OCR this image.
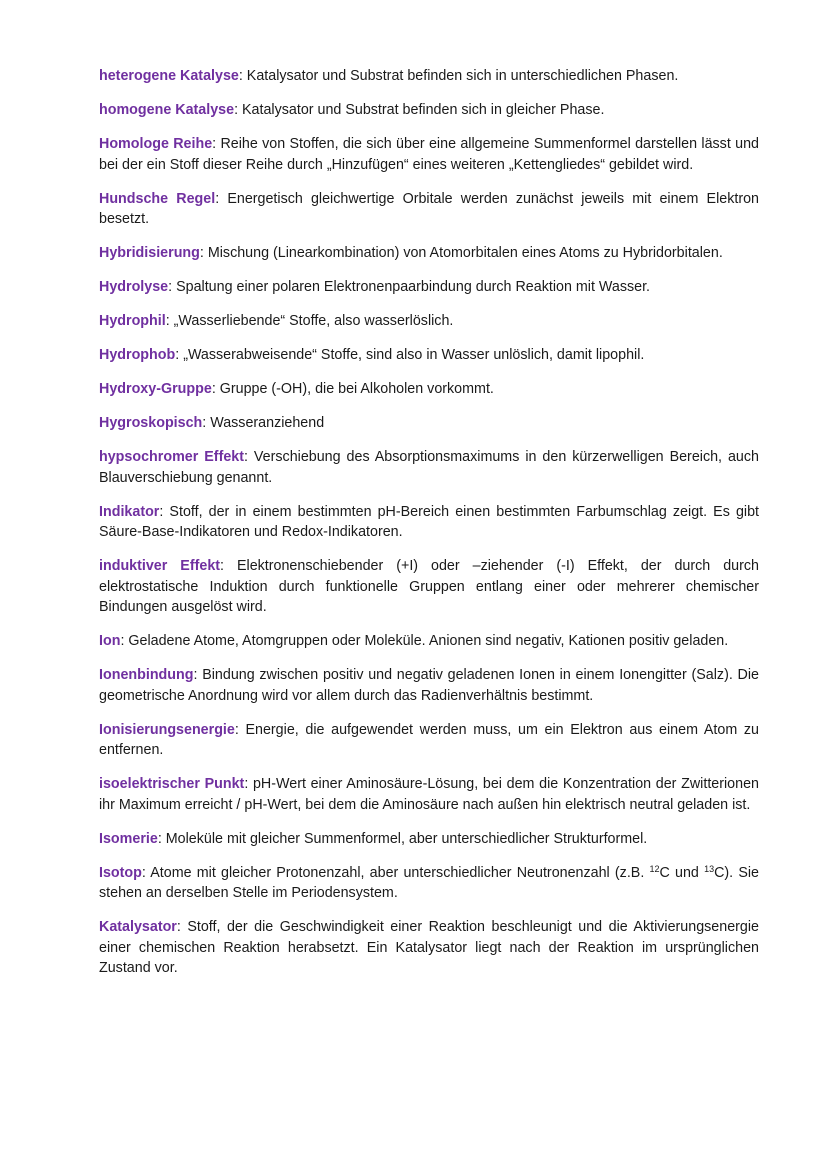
heterogene Katalyse: Katalysator und Substrat befinden sich in unterschiedlichen Phasen.

homogene Katalyse: Katalysator und Substrat befinden sich in gleicher Phase.

Homologe Reihe: Reihe von Stoffen, die sich über eine allgemeine Summenformel darstellen lässt und bei der ein Stoff dieser Reihe durch „Hinzufügen“ eines weiteren „Kettengliedes“ gebildet wird.

Hundsche Regel: Energetisch gleichwertige Orbitale werden zunächst jeweils mit einem Elektron besetzt.

Hybridisierung: Mischung (Linearkombination) von Atomorbitalen eines Atoms zu Hybridorbitalen.

Hydrolyse: Spaltung einer polaren Elektronenpaarbindung durch Reaktion mit Wasser.

Hydrophil: „Wasserliebende“ Stoffe, also wasserlöslich.

Hydrophob: „Wasserabweisende“ Stoffe, sind also in Wasser unlöslich, damit lipophil.

Hydroxy-Gruppe: Gruppe (-OH), die bei Alkoholen vorkommt.

Hygroskopisch: Wasseranziehend

hypsochromer Effekt: Verschiebung des Absorptionsmaximums in den kürzerwelligen Bereich, auch Blauverschiebung genannt.

Indikator: Stoff, der in einem bestimmten pH-Bereich einen bestimmten Farbumschlag zeigt. Es gibt Säure-Base-Indikatoren und Redox-Indikatoren.

induktiver Effekt: Elektronenschiebender (+I) oder –ziehender (-I) Effekt, der durch durch elektrostatische Induktion durch funktionelle Gruppen entlang einer oder mehrerer chemischer Bindungen ausgelöst wird.

Ion: Geladene Atome, Atomgruppen oder Moleküle. Anionen sind negativ, Kationen positiv geladen.

Ionenbindung: Bindung zwischen positiv und negativ geladenen Ionen in einem Ionengitter (Salz). Die geometrische Anordnung wird vor allem durch das Radienverhältnis bestimmt.

Ionisierungsenergie: Energie, die aufgewendet werden muss, um ein Elektron aus einem Atom zu entfernen.

isoelektrischer Punkt: pH-Wert einer Aminosäure-Lösung, bei dem die Konzentration der Zwitterionen ihr Maximum erreicht / pH-Wert, bei dem die Aminosäure nach außen hin elektrisch neutral geladen ist.

Isomerie: Moleküle mit gleicher Summenformel, aber unterschiedlicher Strukturformel.

Isotop: Atome mit gleicher Protonenzahl, aber unterschiedlicher Neutronenzahl (z.B. $^{12}$C und $^{13}$C). Sie stehen an derselben Stelle im Periodensystem.

Katalysator: Stoff, der die Geschwindigkeit einer Reaktion beschleunigt und die Aktivierungsenergie einer chemischen Reaktion herabsetzt. Ein Katalysator liegt nach der Reaktion im ursprünglichen Zustand vor.
